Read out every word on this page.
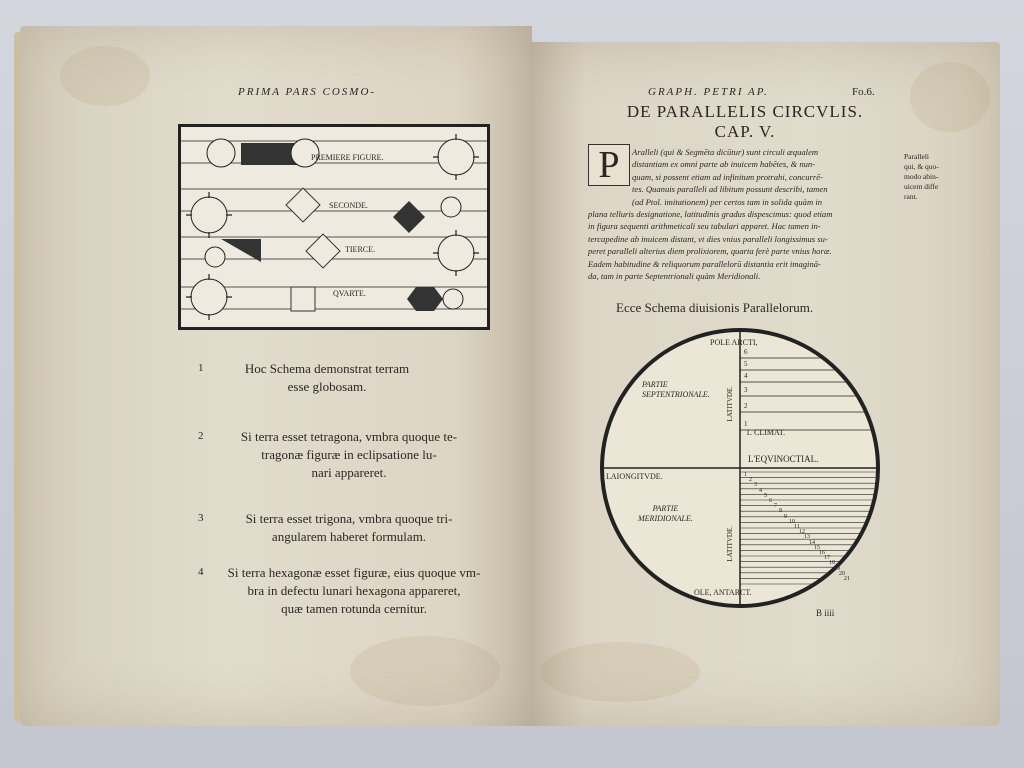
PRIMA PARS COSMO-
PREMIERE FIGURE.
SECONDE.
TIERCE.
QVARTE.
1	Hoc Schema demonstrat terram
esse globosam.
2	Si terra esset tetragona, vmbra quoque te-
tragonæ figuræ in eclipsatione lu-
nari appareret.
3	Si terra esset trigona, vmbra quoque tri-
angularem haberet formulam.
4	Si terra hexagonæ esset figuræ, eius quoque vm-
bra in defectu lunari hexagona appareret,
quæ tamen rotunda cernitur.
GRAPH. PETRI AP.	Fo.6.
DE PARALLELIS CIRCVLIS.
CAP. V.
P	Aralleli (qui & Segmēta dicūtur) sunt circuli æqualem
distantiam ex omni parte ab inuicem habētes, & nun-
quam, si possent etiam ad infinitum protrahi, concurrē-
tes. Quanuis paralleli ad libitum possunt describi, tamen
(ad Ptol. imitationem) per certos tam in solida quàm in
plana telluris designatione, latitudinis gradus dispescimus: quod etiam
in figura sequenti arithmeticali seu tabulari apparet. Hac tamen in-
tercapedine ab inuicem distant, vt dies vnius paralleli longissimus su-
peret paralleli alterius diem prolixiorem, quarta ferè parte vnius horæ.
Eadem habitudine & reliquorum parallelorū distantia erit imaginā-
da, tam in parte Septentrionali quàm Meridionali.
Paralleli
qui, & quo-
modo abin-
uicem diffe
rant.
Ecce Schema diuisionis Parallelorum.
POLE ARCTI,
PARTIE
SEPTENTRIONALE. LATITVDE.
1. CLIMAT.
L'EQVINOCTIAL.
LAIONGITVDE.
PARTIE
MERIDIONALE.
LATITVDE.
OLE, ANTARCT.
6
5
4
3
2
1
1
2
3
4
5
6
7
8
9
10
11
12
13
14
15
16
17
18
19
20
21
B iiii
